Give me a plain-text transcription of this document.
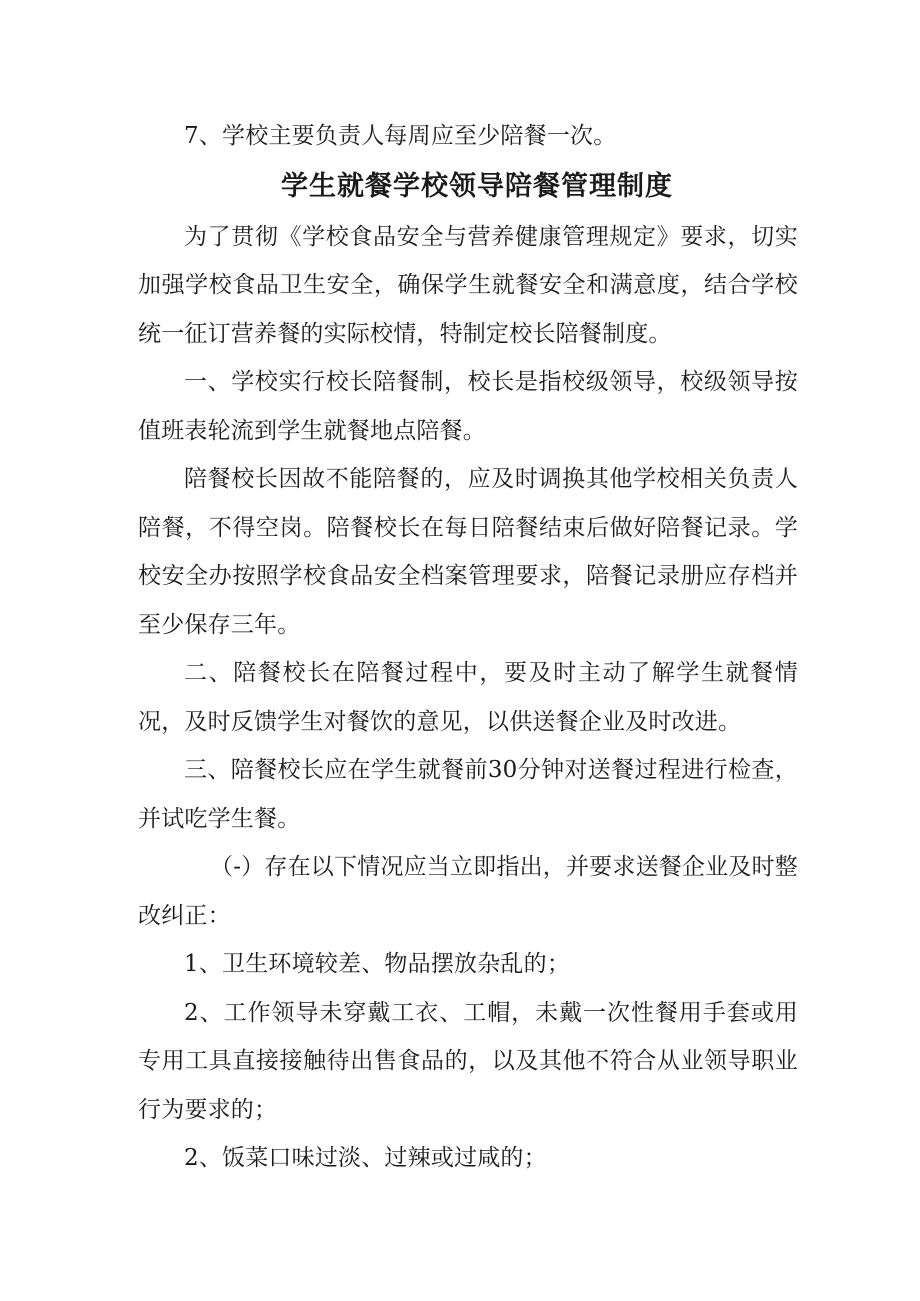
7、学校主要负责人每周应至少陪餐一次。

学生就餐学校领导陪餐管理制度

为了贯彻《学校食品安全与营养健康管理规定》要求，切实加强学校食品卫生安全，确保学生就餐安全和满意度，结合学校统一征订营养餐的实际校情，特制定校长陪餐制度。

一、学校实行校长陪餐制，校长是指校级领导，校级领导按值班表轮流到学生就餐地点陪餐。

陪餐校长因故不能陪餐的，应及时调换其他学校相关负责人陪餐，不得空岗。陪餐校长在每日陪餐结束后做好陪餐记录。学校安全办按照学校食品安全档案管理要求，陪餐记录册应存档并至少保存三年。

二、陪餐校长在陪餐过程中，要及时主动了解学生就餐情况，及时反馈学生对餐饮的意见，以供送餐企业及时改进。

三、陪餐校长应在学生就餐前30分钟对送餐过程进行检查，并试吃学生餐。

（-）存在以下情况应当立即指出，并要求送餐企业及时整改纠正：

1、卫生环境较差、物品摆放杂乱的；

2、工作领导未穿戴工衣、工帽，未戴一次性餐用手套或用专用工具直接接触待出售食品的，以及其他不符合从业领导职业行为要求的；

2、饭菜口味过淡、过辣或过咸的；
